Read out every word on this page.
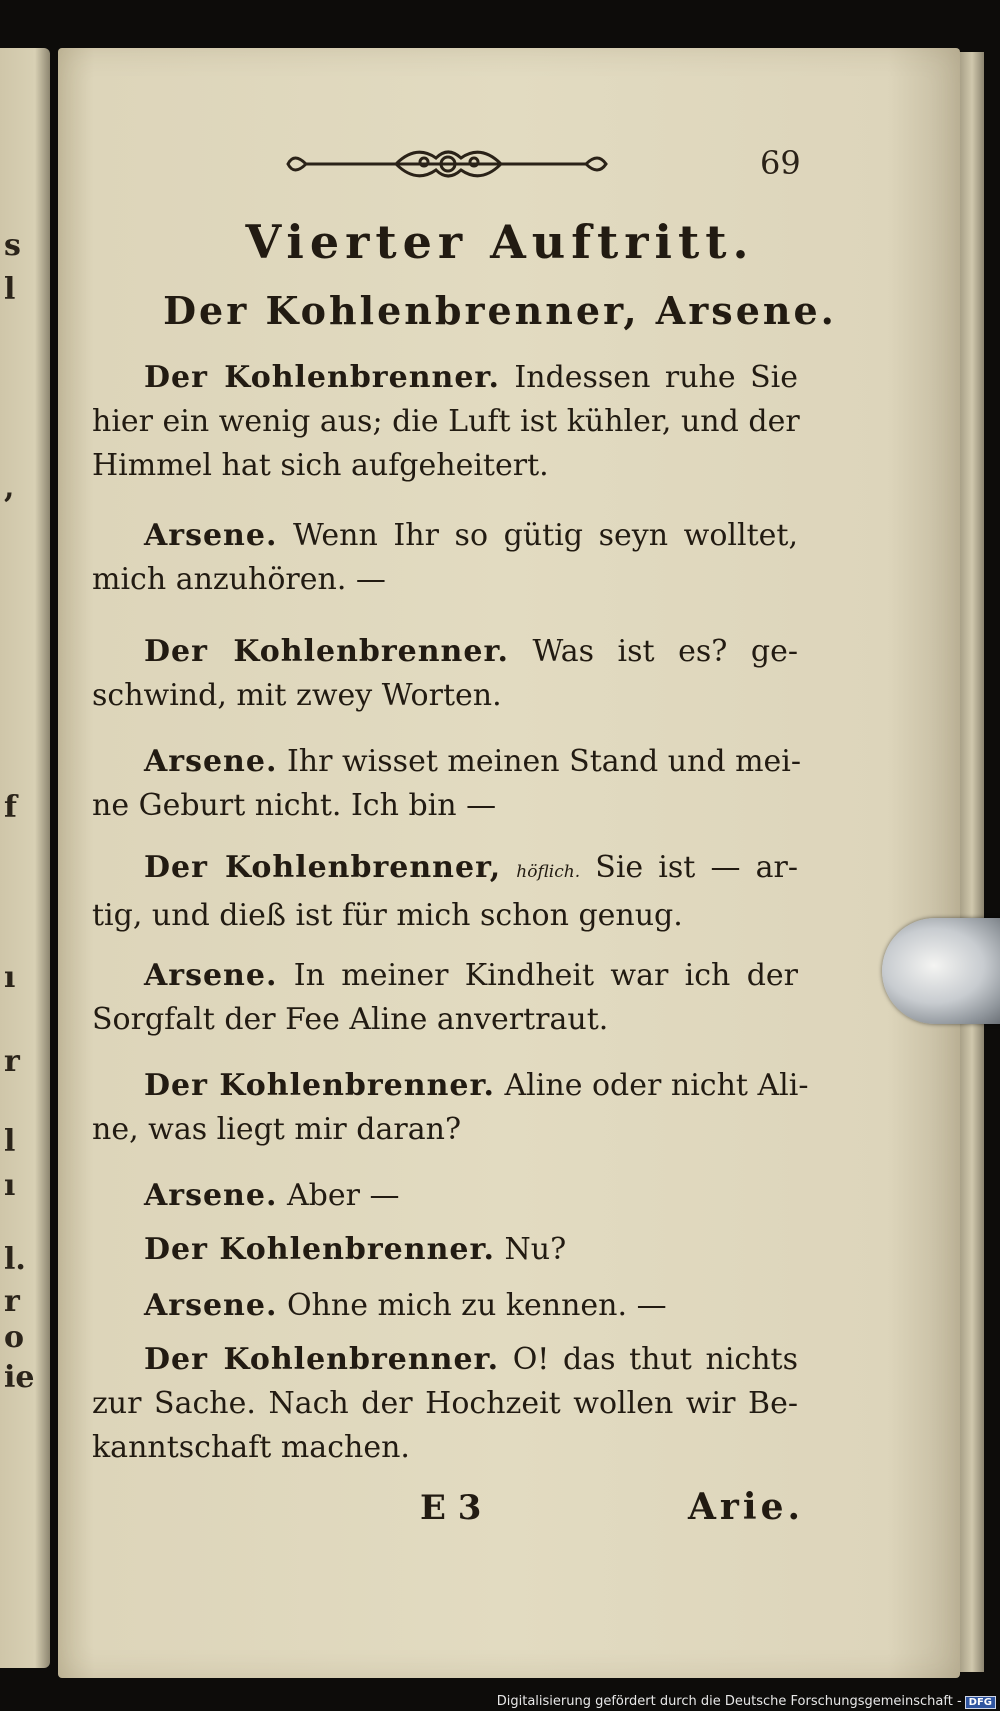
s
l
,
f
ı
r
l
ı
l.
r
o
ie
69
Vierter Auftritt.
Der Kohlenbrenner, Arsene.

Der Kohlenbrenner. Indessen ruhe Sie

hier ein wenig aus; die Luft ist kühler, und der

Himmel hat sich aufgeheitert.

Arsene. Wenn Ihr so gütig seyn wolltet,

mich anzuhören. —

Der Kohlenbrenner. Was ist es? ge-

schwind, mit zwey Worten.

Arsene. Ihr wisset meinen Stand und mei-

ne Geburt nicht. Ich bin —

Der Kohlenbrenner, höflich. Sie ist — ar-

tig, und dieß ist für mich schon genug.

Arsene. In meiner Kindheit war ich der

Sorgfalt der Fee Aline anvertraut.

Der Kohlenbrenner. Aline oder nicht Ali-

ne, was liegt mir daran?

Arsene. Aber —

Der Kohlenbrenner. Nu?

Arsene. Ohne mich zu kennen. —

Der Kohlenbrenner. O! das thut nichts

zur Sache. Nach der Hochzeit wollen wir Be-

kanntschaft machen.

E 3	Arie.
Digitalisierung gefördert durch die Deutsche Forschungsgemeinschaft - DFG
